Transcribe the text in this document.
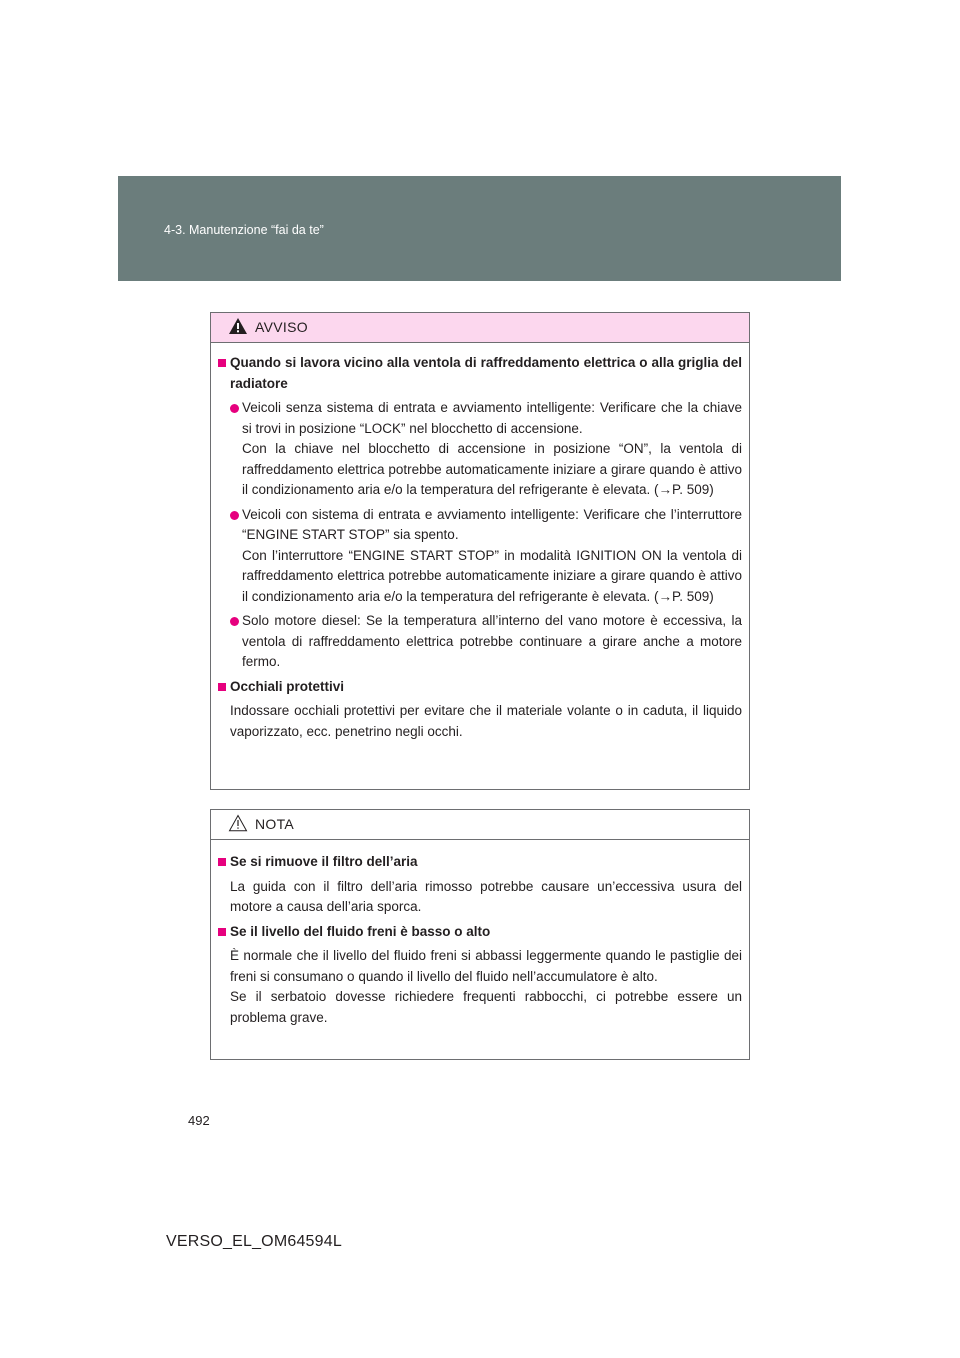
4-3. Manutenzione “fai da te”
AVVISO
Quando si lavora vicino alla ventola di raffreddamento elettrica o alla griglia del radiatore
Veicoli senza sistema di entrata e avviamento intelligente: Verificare che la chiave si trovi in posizione “LOCK” nel blocchetto di accensione.
Con la chiave nel blocchetto di accensione in posizione “ON”, la ventola di raffreddamento elettrica potrebbe automaticamente iniziare a girare quando è attivo il condizionamento aria e/o la temperatura del refrigerante è elevata. (→P. 509)
Veicoli con sistema di entrata e avviamento intelligente: Verificare che l’interruttore “ENGINE START STOP” sia spento.
Con l’interruttore “ENGINE START STOP” in modalità IGNITION ON la ventola di raffreddamento elettrica potrebbe automaticamente iniziare a girare quando è attivo il condizionamento aria e/o la temperatura del refrigerante è elevata. (→P. 509)
Solo motore diesel: Se la temperatura all’interno del vano motore è eccessiva, la ventola di raffreddamento elettrica potrebbe continuare a girare anche a motore fermo.
Occhiali protettivi
Indossare occhiali protettivi per evitare che il materiale volante o in caduta, il liquido vaporizzato, ecc. penetrino negli occhi.
NOTA
Se si rimuove il filtro dell’aria
La guida con il filtro dell’aria rimosso potrebbe causare un’eccessiva usura del motore a causa dell’aria sporca.
Se il livello del fluido freni è basso o alto
È normale che il livello del fluido freni si abbassi leggermente quando le pastiglie dei freni si consumano o quando il livello del fluido nell’accumulatore è alto.
Se il serbatoio dovesse richiedere frequenti rabbocchi, ci potrebbe essere un problema grave.
492
VERSO_EL_OM64594L
